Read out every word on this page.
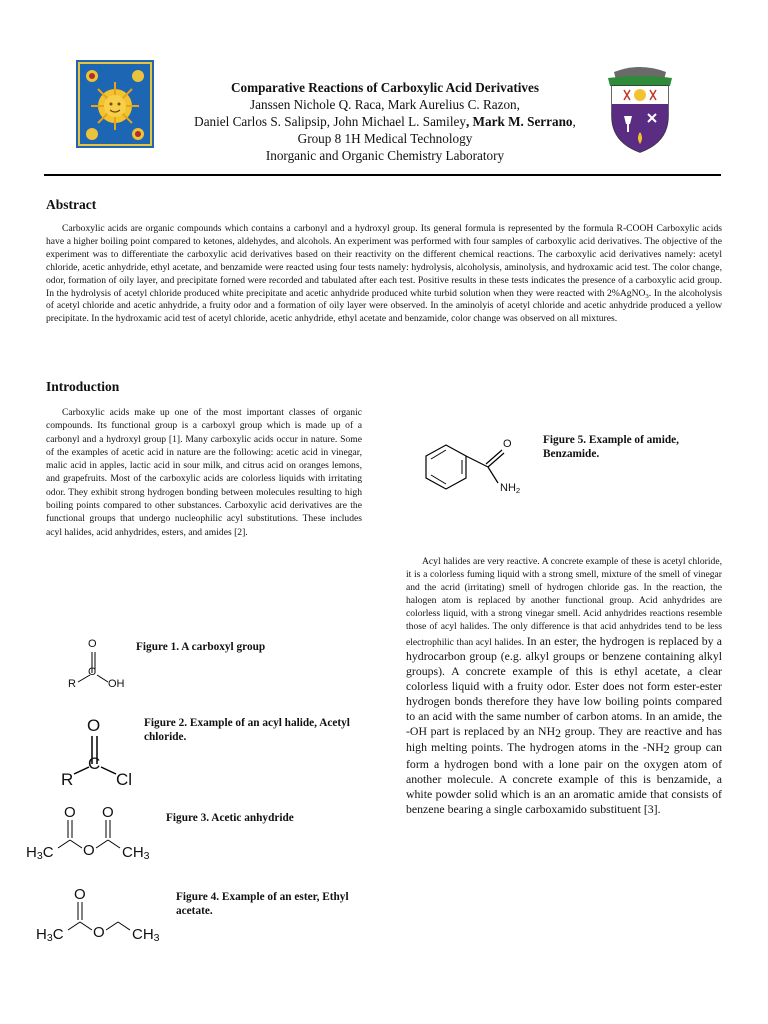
Comparative Reactions of Carboxylic Acid Derivatives
Janssen Nichole Q. Raca, Mark Aurelius C. Razon,
Daniel Carlos S. Salipsip, John Michael L. Samiley, Mark M. Serrano,
Group 8 1H Medical Technology
Inorganic and Organic Chemistry Laboratory
Abstract

Carboxylic acids are organic compounds which contains a carbonyl and a hydroxyl group. Its general formula is represented by the formula R-COOH Carboxylic acids have a higher boiling point compared to ketones, aldehydes, and alcohols. An experiment was performed with four samples of carboxylic acid derivatives. The objective of the experiment was to differentiate the carboxylic acid derivatives based on their reactivity on the different chemical reactions. The carboxylic acid derivatives namely: acetyl chloride, acetic anhydride, ethyl acetate, and benzamide were reacted using four tests namely: hydrolysis, alcoholysis, aminolysis, and hydroxamic acid test. The color change, odor, formation of oily layer, and precipitate forned were recorded and tabulated after each test. Positive results in these tests indicates the presence of a carboxylic acid group. In the hydrolysis of acetyl chloride produced white precipitate and acetic anhydride produced white turbid solution when they were reacted with 2%AgNO$_3$. In the alcoholysis of acetyl chloride and acetic anhydride, a fruity odor and a formation of oily layer were observed. In the aminolyis of acetyl chloride and acetic anhydride produced a yellow precipitate. In the hydroxamic acid test of acetyl chloride, acetic anhydride, ethyl acetate and benzamide, color change was observed on all mixtures.

Introduction

Carboxylic acids make up one of the most important classes of organic compounds. Its functional group is a carboxyl group which is made up of a carbonyl and a hydroxyl group [1]. Many carboxylic acids occur in nature. Some of the examples of acetic acid in nature are the following: acetic acid in vinegar, malic acid in apples, lactic acid in sour milk, and citrus acid on oranges lemons, and grapefruits. Most of the carboxylic acids are colorless liquids with irritating odor. They exhibit strong hydrogen bonding between molecules resulting to high boiling points compared to other substances. Carboxylic acid derivatives are the functional groups that undergo nucleophilic acyl substitutions. These includes acyl halides, acid anhydrides, esters, and amides [2].

O
C
R	OH
Figure 1. A carboxyl group
O
C
R	Cl
Figure 2. Example of an acyl halide, Acetyl chloride.
O O
O
$H_3C$	$CH_3$
Figure 3. Acetic anhydride
O
O
$H_3C$	$CH_3$
Figure 4. Example of an ester, Ethyl acetate.
O
$NH_2$
Figure 5. Example of amide, Benzamide.

Acyl halides are very reactive. A concrete example of these is acetyl chloride, it is a colorless fuming liquid with a strong smell, mixture of the smell of vinegar and the acrid (irritating) smell of hydrogen chloride gas. In the reaction, the halogen atom is replaced by another functional group. Acid anhydrides are colorless liquid, with a strong vinegar smell. Acid anhydrides reactions resemble those of acyl halides. The only difference is that acid anhydrides tend to be less electrophilic than acyl halides. In an ester, the hydrogen is replaced by a hydrocarbon group (e.g. alkyl groups or benzene containing alkyl groups). A concrete example of this is ethyl acetate, a clear colorless liquid with a fruity odor. Ester does not form ester-ester hydrogen bonds therefore they have low boiling points compared to an acid with the same number of carbon atoms. In an amide, the -OH part is replaced by an $NH_2$ group. They are reactive and has high melting points. The hydrogen atoms in the $-NH_2$ group can form a hydrogen bond with a lone pair on the oxygen atom of another molecule. A concrete example of this is benzamide, a white powder solid which is an an aromatic amide that consists of benzene bearing a single carboxamido substituent [3].
